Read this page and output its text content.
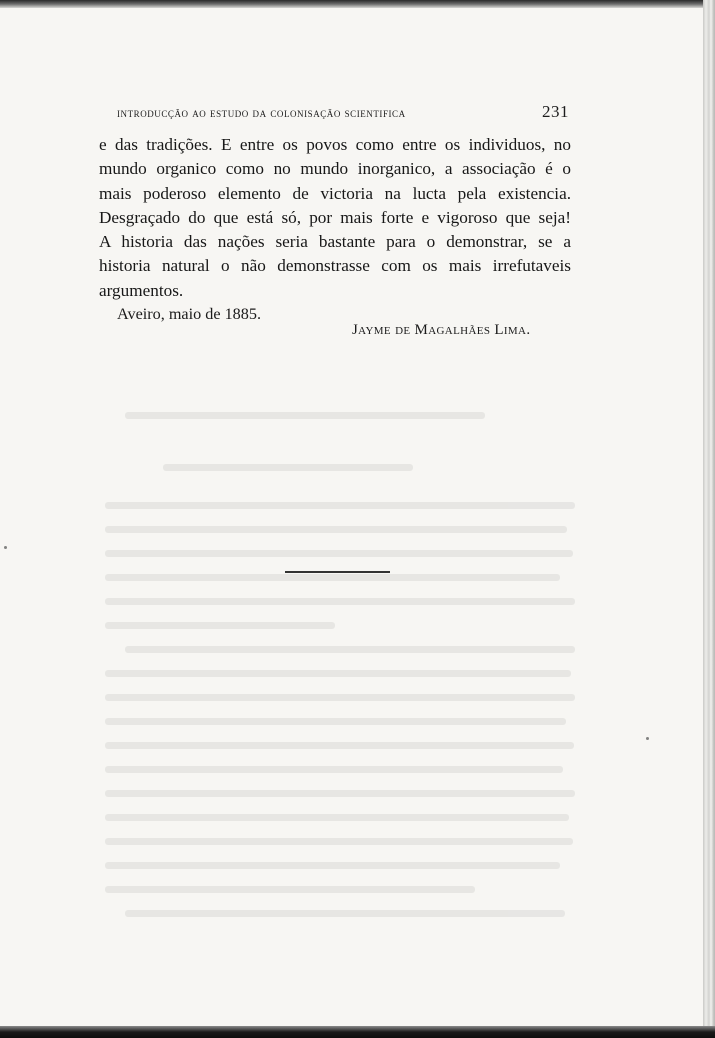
introducção ao estudo da colonisação scientifica	231
e das tradições. E entre os povos como entre os individuos, no
mundo organico como no mundo inorganico, a associação é o
mais poderoso elemento de victoria na lucta pela existencia.
Desgraçado do que está só, por mais forte e vigoroso que seja!
A historia das nações seria bastante para o demonstrar, se a
historia natural o não demonstrasse com os mais irrefutaveis
argumentos.
Aveiro, maio de 1885.
Jayme de Magalhães Lima.
